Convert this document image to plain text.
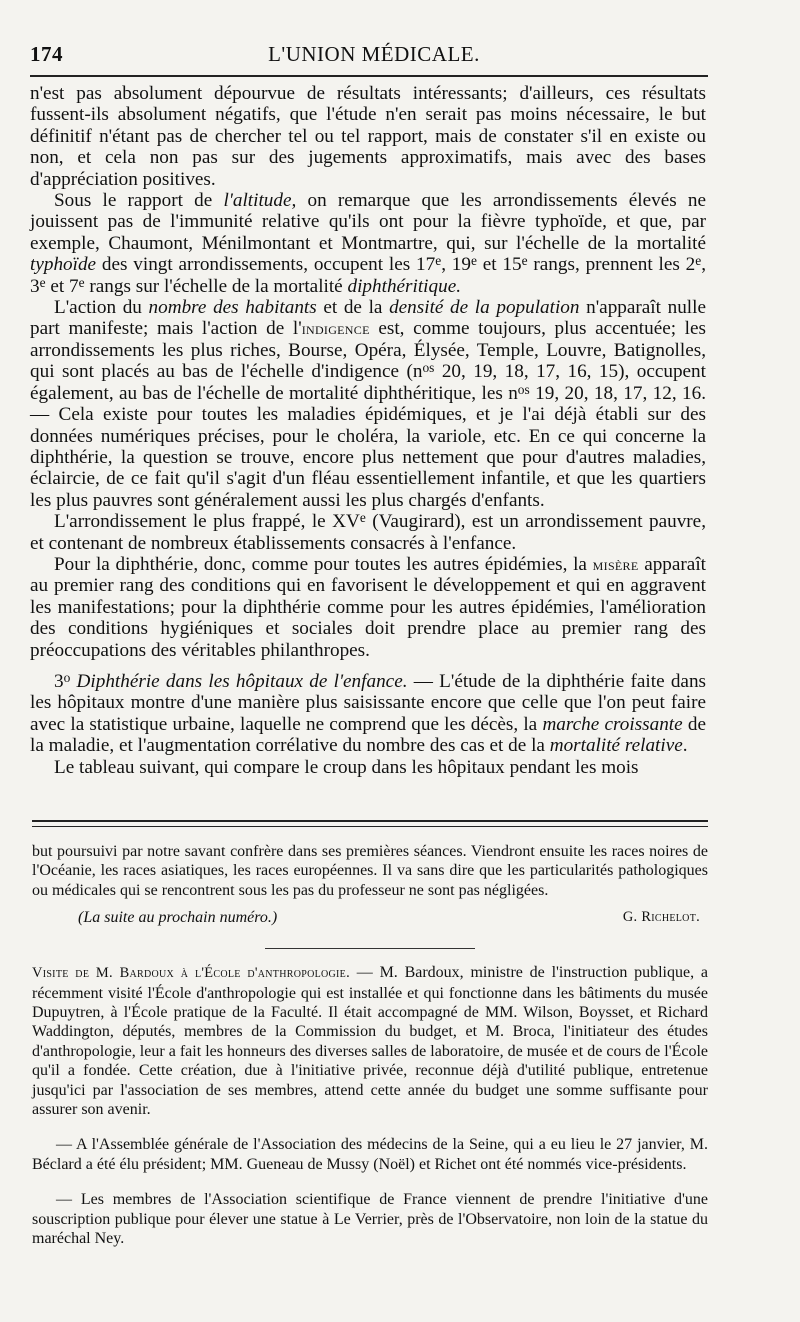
174	L'UNION MÉDICALE.

n'est pas absolument dépourvue de résultats intéressants; d'ailleurs, ces résultats fussent-ils absolument négatifs, que l'étude n'en serait pas moins nécessaire, le but définitif n'étant pas de chercher tel ou tel rapport, mais de constater s'il en existe ou non, et cela non pas sur des jugements approximatifs, mais avec des bases d'appréciation positives.

Sous le rapport de l'altitude, on remarque que les arrondissements élevés ne jouissent pas de l'immunité relative qu'ils ont pour la fièvre typhoïde, et que, par exemple, Chaumont, Ménilmontant et Montmartre, qui, sur l'échelle de la mortalité typhoïde des vingt arrondissements, occupent les 17e, 19e et 15e rangs, prennent les 2e, 3e et 7e rangs sur l'échelle de la mortalité diphthéritique.

L'action du nombre des habitants et de la densité de la population n'apparaît nulle part manifeste; mais l'action de l'indigence est, comme toujours, plus accentuée; les arrondissements les plus riches, Bourse, Opéra, Élysée, Temple, Louvre, Batignolles, qui sont placés au bas de l'échelle d'indigence ($n^{os}$ 20, 19, 18, 17, 16, 15), occupent également, au bas de l'échelle de mortalité diphthéritique, les $n^{os}$ 19, 20, 18, 17, 12, 16. — Cela existe pour toutes les maladies épidémiques, et je l'ai déjà établi sur des données numériques précises, pour le choléra, la variole, etc. En ce qui concerne la diphthérie, la question se trouve, encore plus nettement que pour d'autres maladies, éclaircie, de ce fait qu'il s'agit d'un fléau essentiellement infantile, et que les quartiers les plus pauvres sont généralement aussi les plus chargés d'enfants.

L'arrondissement le plus frappé, le XVe (Vaugirard), est un arrondissement pauvre, et contenant de nombreux établissements consacrés à l'enfance.

Pour la diphthérie, donc, comme pour toutes les autres épidémies, la misère apparaît au premier rang des conditions qui en favorisent le développement et qui en aggravent les manifestations; pour la diphthérie comme pour les autres épidémies, l'amélioration des conditions hygiéniques et sociales doit prendre place au premier rang des préoccupations des véritables philanthropes.

3$^o$ Diphthérie dans les hôpitaux de l'enfance. — L'étude de la diphthérie faite dans les hôpitaux montre d'une manière plus saisissante encore que celle que l'on peut faire avec la statistique urbaine, laquelle ne comprend que les décès, la marche croissante de la maladie, et l'augmentation corrélative du nombre des cas et de la mortalité relative.

Le tableau suivant, qui compare le croup dans les hôpitaux pendant les mois

but poursuivi par notre savant confrère dans ses premières séances. Viendront ensuite les races noires de l'Océanie, les races asiatiques, les races européennes. Il va sans dire que les particularités pathologiques ou médicales qui se rencontrent sous les pas du professeur ne sont pas négligées.

(La suite au prochain numéro.)	G. Richelot.

Visite de M. Bardoux à l'École d'anthropologie. — M. Bardoux, ministre de l'instruction publique, a récemment visité l'École d'anthropologie qui est installée et qui fonctionne dans les bâtiments du musée Dupuytren, à l'École pratique de la Faculté. Il était accompagné de MM. Wilson, Boysset, et Richard Waddington, députés, membres de la Commission du budget, et M. Broca, l'initiateur des études d'anthropologie, leur a fait les honneurs des diverses salles de laboratoire, de musée et de cours de l'École qu'il a fondée. Cette création, due à l'initiative privée, reconnue déjà d'utilité publique, entretenue jusqu'ici par l'association de ses membres, attend cette année du budget une somme suffisante pour assurer son avenir.

— A l'Assemblée générale de l'Association des médecins de la Seine, qui a eu lieu le 27 janvier, M. Béclard a été élu président; MM. Gueneau de Mussy (Noël) et Richet ont été nommés vice-présidents.

— Les membres de l'Association scientifique de France viennent de prendre l'initiative d'une souscription publique pour élever une statue à Le Verrier, près de l'Observatoire, non loin de la statue du maréchal Ney.
